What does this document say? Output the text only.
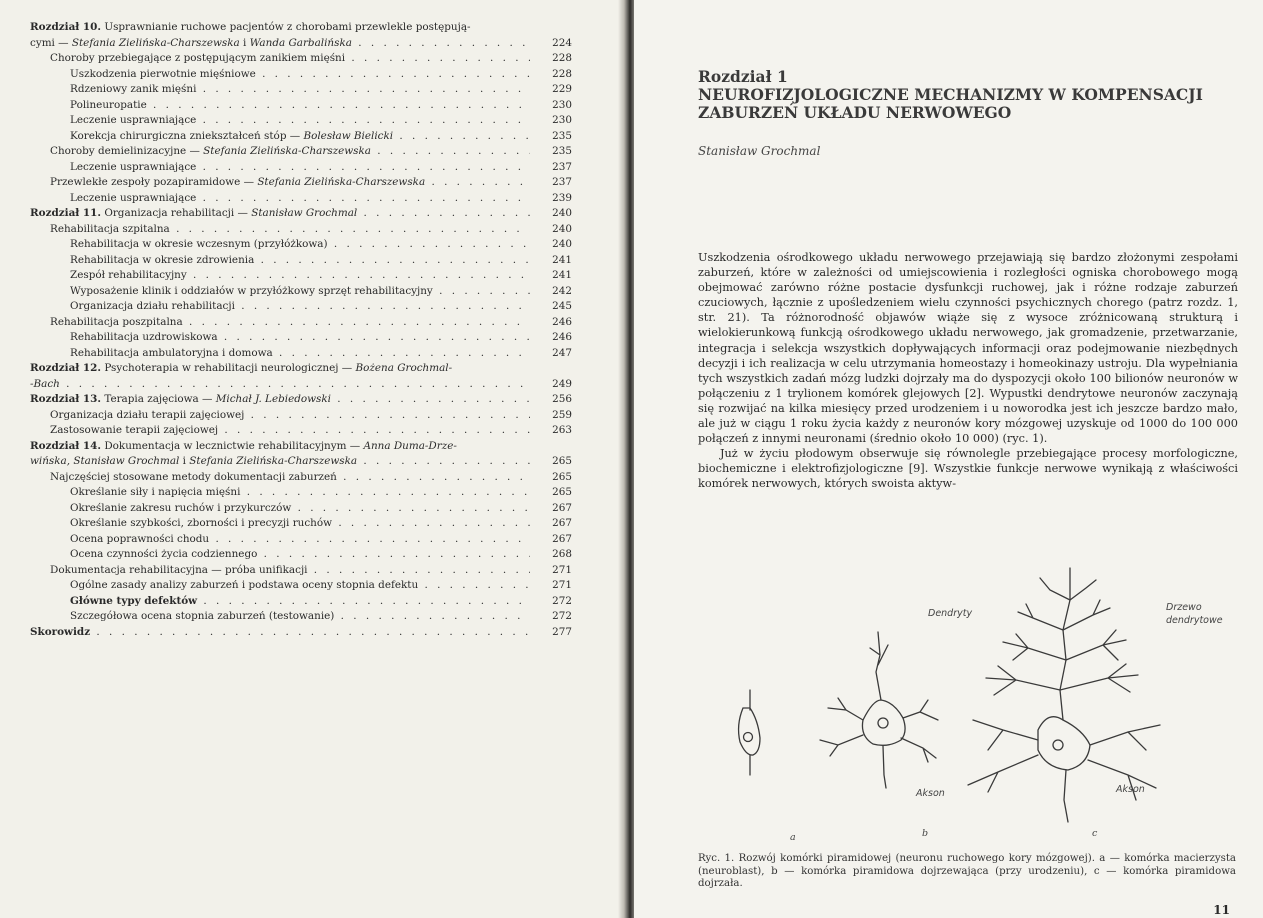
Rozdział 10. Usprawnianie ruchowe pacjentów z chorobami przewlekle postępują-
cymi — Stefania Zielińska-Charszewska i Wanda Garbalińska . . .	224
Choroby przebiegające z postępującym zanikiem mięśni . . .	228
Uszkodzenia pierwotnie mięśniowe . . .	228
Rdzeniowy zanik mięśni . . .	229
Polineuropatie . . .	230
Leczenie usprawniające . . .	230
Korekcja chirurgiczna zniekształceń stóp — Bolesław Bielicki . . .	235
Choroby demielinizacyjne — Stefania Zielińska-Charszewska . . .	235
Leczenie usprawniające . . .	237
Przewlekłe zespoły pozapiramidowe — Stefania Zielińska-Charszewska . . .	237
Leczenie usprawniające . . .	239
Rozdział 11. Organizacja rehabilitacji — Stanisław Grochmal . . .	240
Rehabilitacja szpitalna . . .	240
Rehabilitacja w okresie wczesnym (przyłóżkowa) . . .	240
Rehabilitacja w okresie zdrowienia . . .	241
Zespół rehabilitacyjny . . .	241
Wyposażenie klinik i oddziałów w przyłóżkowy sprzęt rehabilitacyjny . . .	242
Organizacja działu rehabilitacji . . .	245
Rehabilitacja poszpitalna . . .	246
Rehabilitacja uzdrowiskowa . . .	246
Rehabilitacja ambulatoryjna i domowa . . .	247
Rozdział 12. Psychoterapia w rehabilitacji neurologicznej — Bożena Grochmal-
-Bach . . .	249
Rozdział 13. Terapia zajęciowa — Michał J. Lebiedowski . . .	256
Organizacja działu terapii zajęciowej . . .	259
Zastosowanie terapii zajęciowej . . .	263
Rozdział 14. Dokumentacja w lecznictwie rehabilitacyjnym — Anna Duma-Drze-
wińska, Stanisław Grochmal i Stefania Zielińska-Charszewska . . .	265
Najczęściej stosowane metody dokumentacji zaburzeń . . .	265
Określanie siły i napięcia mięśni . . .	265
Określanie zakresu ruchów i przykurczów . . .	267
Określanie szybkości, zborności i precyzji ruchów . . .	267
Ocena poprawności chodu . . .	267
Ocena czynności życia codziennego . . .	268
Dokumentacja rehabilitacyjna — próba unifikacji . . .	271
Ogólne zasady analizy zaburzeń i podstawa oceny stopnia defektu . . .	271
Główne typy defektów . . .	272
Szczegółowa ocena stopnia zaburzeń (testowanie) . . .	272
Skorowidz . . .	277
Rozdział 1
NEUROFIZJOLOGICZNE MECHANIZMY W KOMPENSACJI
ZABURZEŃ UKŁADU NERWOWEGO
Stanisław Grochmal

Uszkodzenia ośrodkowego układu nerwowego przejawiają się bardzo złożonymi zespołami zaburzeń, które w zależności od umiejscowienia i rozległości ogniska chorobowego mogą obejmować zarówno różne postacie dysfunkcji ruchowej, jak i różne rodzaje zaburzeń czuciowych, łącznie z upośledzeniem wielu czynności psychicznych chorego (patrz rozdz. 1, str. 21). Ta różnorodność objawów wiąże się z wysoce zróżnicowaną strukturą i wielokierunkową funkcją ośrodkowego układu nerwowego, jak gromadzenie, przetwarzanie, integracja i selekcja wszystkich dopływających informacji oraz podejmowanie niezbędnych decyzji i ich realizacja w celu utrzymania homeostazy i homeokinazy ustroju. Dla wypełniania tych wszystkich zadań mózg ludzki dojrzały ma do dyspozycji około 100 bilionów neuronów w połączeniu z 1 trylionem komórek glejowych [2]. Wypustki dendrytowe neuronów zaczynają się rozwijać na kilka miesięcy przed urodzeniem i u noworodka jest ich jeszcze bardzo mało, ale już w ciągu 1 roku życia każdy z neuronów kory mózgowej uzyskuje od 1000 do 100 000 połączeń z innymi neuronami (średnio około 10 000) (ryc. 1).

Już w życiu płodowym obserwuje się równolegle przebiegające procesy morfologiczne, biochemiczne i elektrofizjologiczne [9]. Wszystkie funkcje nerwowe wynikają z właściwości komórek nerwowych, których swoista aktyw-

Dendryty
Drzewo
dendrytowe
Akson	Akson
a	b	c
Ryc. 1. Rozwój komórki piramidowej (neuronu ruchowego kory mózgowej). a — komórka macierzysta (neuroblast), b — komórka piramidowa dojrzewająca (przy urodzeniu), c — komórka piramidowa dojrzała.
11
